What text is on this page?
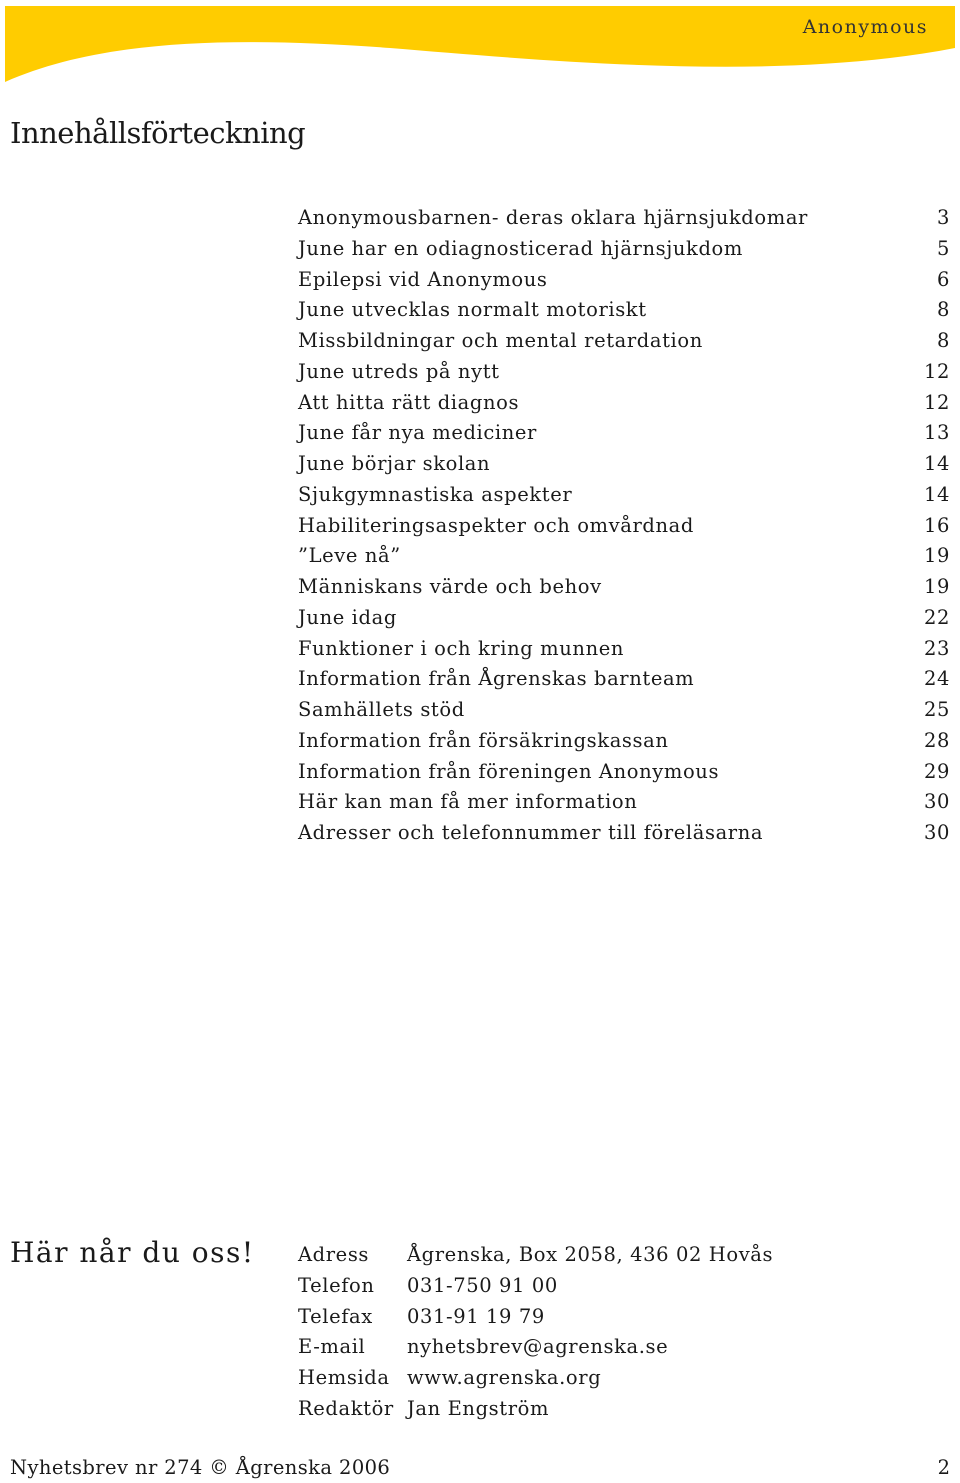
Anonymous
Innehållsförteckning
Anonymousbarnen- deras oklara hjärnsjukdomar	3
June har en odiagnosticerad hjärnsjukdom	5
Epilepsi vid Anonymous	6
June utvecklas normalt motoriskt	8
Missbildningar och mental retardation	8
June utreds på nytt	12
Att hitta rätt diagnos	12
June får nya mediciner	13
June börjar skolan	14
Sjukgymnastiska aspekter	14
Habiliteringsaspekter och omvårdnad	16
”Leve nå”	19
Människans värde och behov	19
June idag	22
Funktioner i och kring munnen	23
Information från Ågrenskas barnteam	24
Samhällets stöd	25
Information från försäkringskassan	28
Information från föreningen Anonymous	29
Här kan man få mer information	30
Adresser och telefonnummer till föreläsarna	30
Här når du oss! Adress	Ågrenska, Box 2058, 436 02 Hovås
Telefon	031-750 91 00
Telefax	031-91 19 79
E-mail	nyhetsbrev@agrenska.se
Hemsida www.agrenska.org
Redaktör Jan Engström
Nyhetsbrev nr 274 © Ågrenska 2006	2
